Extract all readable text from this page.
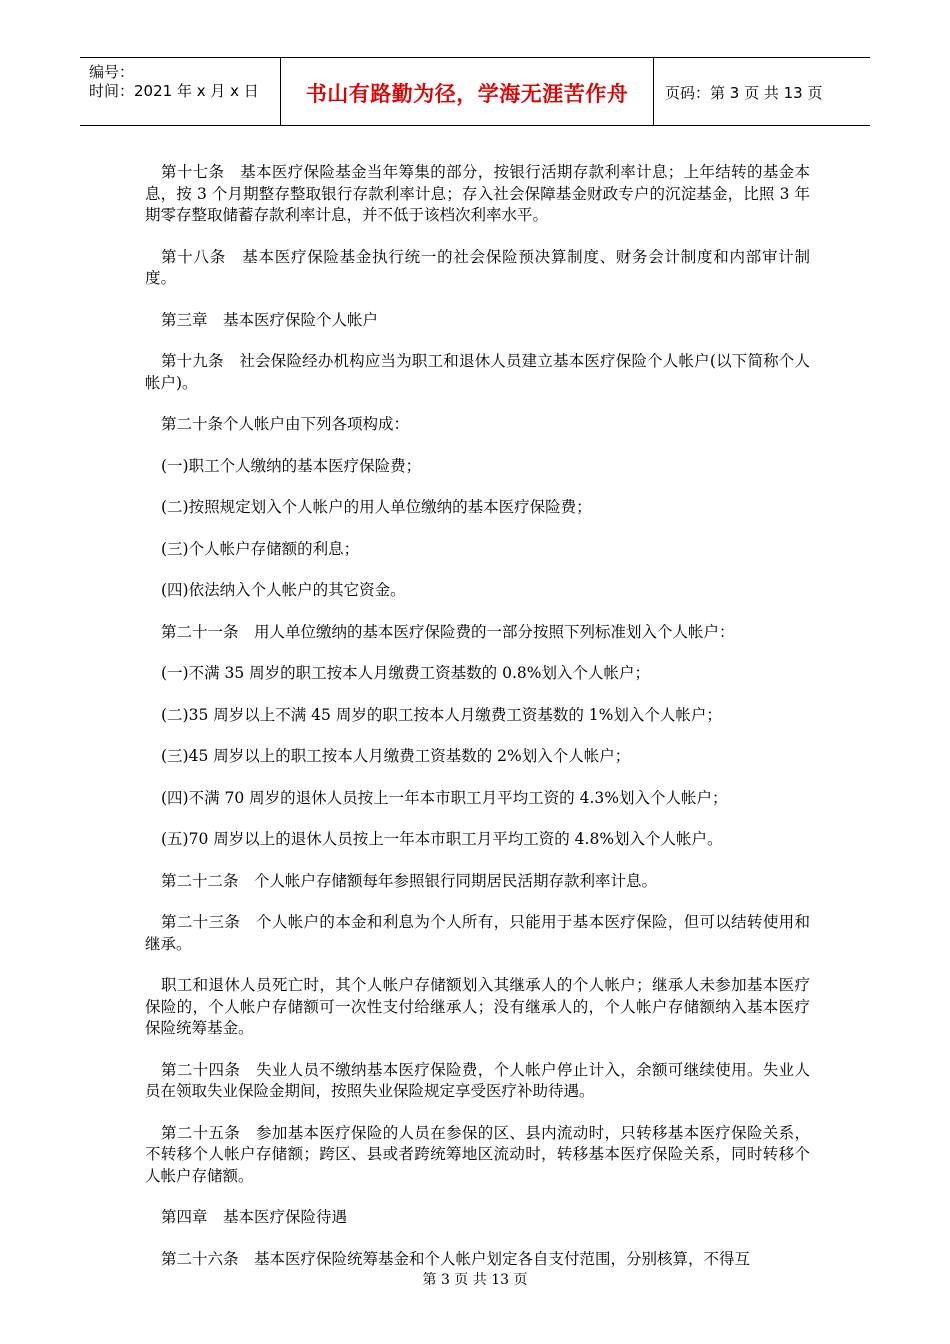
编号：
时间：2021 年 x 月 x 日	书山有路勤为径，学海无涯苦作舟	页码：第 3 页 共 13 页

第十七条　基本医疗保险基金当年筹集的部分，按银行活期存款利率计息；上年结转的基金本息，按 3 个月期整存整取银行存款利率计息；存入社会保障基金财政专户的沉淀基金，比照 3 年期零存整取储蓄存款利率计息，并不低于该档次利率水平。

第十八条　基本医疗保险基金执行统一的社会保险预决算制度、财务会计制度和内部审计制度。

第三章　基本医疗保险个人帐户

第十九条　社会保险经办机构应当为职工和退休人员建立基本医疗保险个人帐户(以下简称个人帐户)。

第二十条个人帐户由下列各项构成：

(一)职工个人缴纳的基本医疗保险费；

(二)按照规定划入个人帐户的用人单位缴纳的基本医疗保险费；

(三)个人帐户存储额的利息；

(四)依法纳入个人帐户的其它资金。

第二十一条　用人单位缴纳的基本医疗保险费的一部分按照下列标准划入个人帐户：

(一)不满 35 周岁的职工按本人月缴费工资基数的 0.8%划入个人帐户；

(二)35 周岁以上不满 45 周岁的职工按本人月缴费工资基数的 1%划入个人帐户；

(三)45 周岁以上的职工按本人月缴费工资基数的 2%划入个人帐户；

(四)不满 70 周岁的退休人员按上一年本市职工月平均工资的 4.3%划入个人帐户；

(五)70 周岁以上的退休人员按上一年本市职工月平均工资的 4.8%划入个人帐户。

第二十二条　个人帐户存储额每年参照银行同期居民活期存款利率计息。

第二十三条　个人帐户的本金和利息为个人所有，只能用于基本医疗保险，但可以结转使用和继承。

职工和退休人员死亡时，其个人帐户存储额划入其继承人的个人帐户；继承人未参加基本医疗保险的，个人帐户存储额可一次性支付给继承人；没有继承人的，个人帐户存储额纳入基本医疗保险统筹基金。

第二十四条　失业人员不缴纳基本医疗保险费，个人帐户停止计入，余额可继续使用。失业人员在领取失业保险金期间，按照失业保险规定享受医疗补助待遇。

第二十五条　参加基本医疗保险的人员在参保的区、县内流动时，只转移基本医疗保险关系，不转移个人帐户存储额；跨区、县或者跨统筹地区流动时，转移基本医疗保险关系，同时转移个人帐户存储额。

第四章　基本医疗保险待遇

第二十六条　基本医疗保险统筹基金和个人帐户划定各自支付范围，分别核算，不得互

第 3 页 共 13 页
